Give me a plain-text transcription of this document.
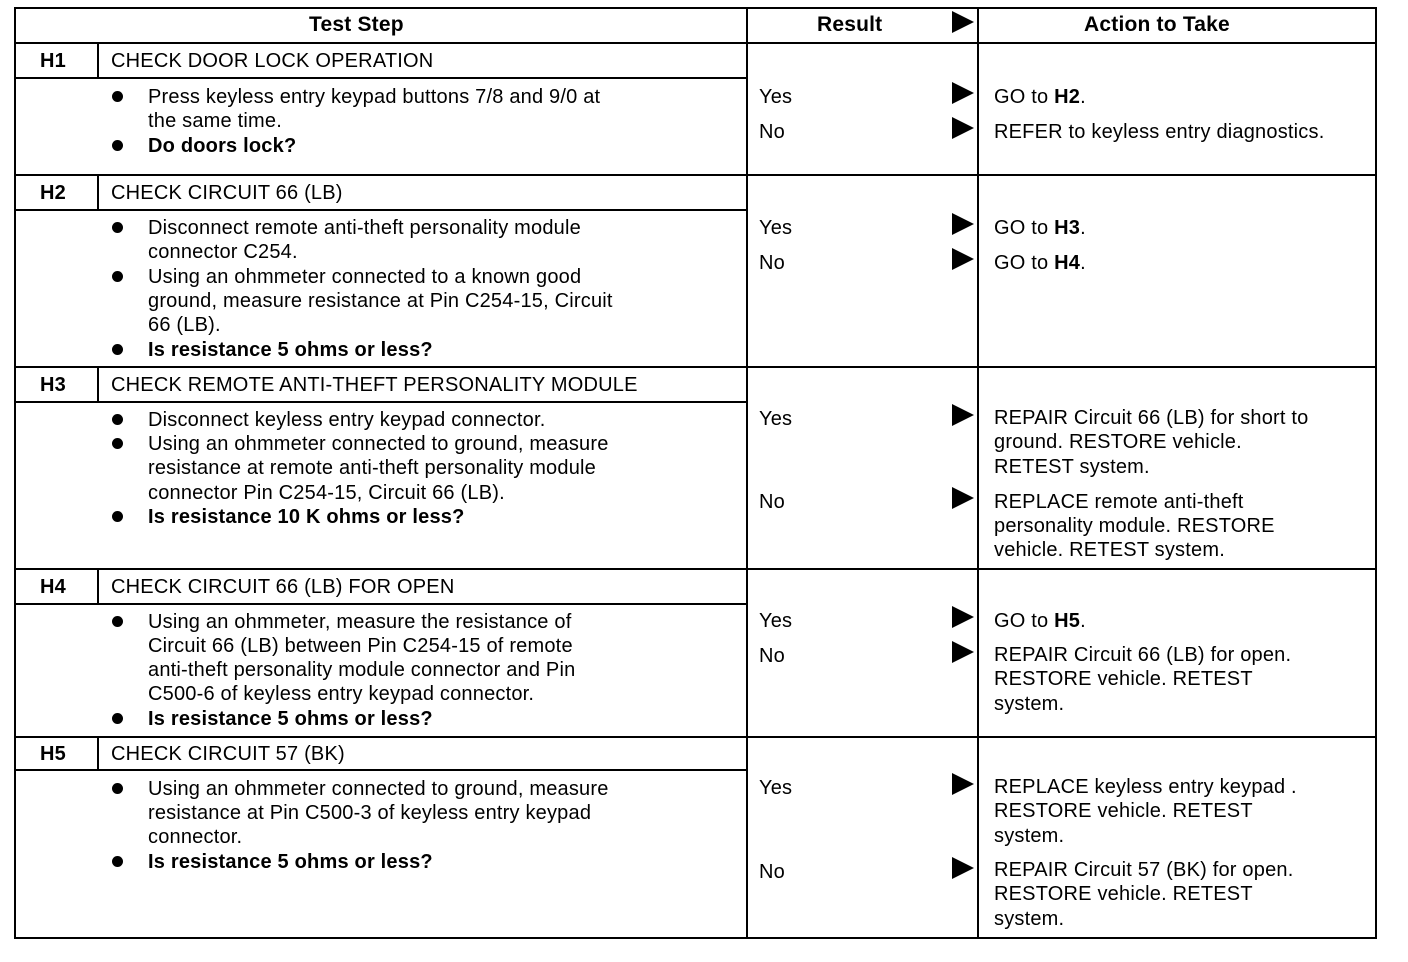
Test Step	Result	Action to Take
H1 CHECK DOOR LOCK OPERATION
Press keyless entry keypad buttons 7/8 and 9/0 at
the same time.
Do doors lock?
Yes
No
GO to H2.
REFER to keyless entry diagnostics.
H2 CHECK CIRCUIT 66 (LB)
Disconnect remote anti-theft personality module
connector C254.
Using an ohmmeter connected to a known good
ground, measure resistance at Pin C254-15, Circuit
66 (LB).
Is resistance 5 ohms or less?
Yes
No
GO to H3.
GO to H4.
H3 CHECK REMOTE ANTI-THEFT PERSONALITY MODULE
Disconnect keyless entry keypad connector.
Using an ohmmeter connected to ground, measure
resistance at remote anti-theft personality module
connector Pin C254-15, Circuit 66 (LB).
Is resistance 10 K ohms or less?
Yes
No
REPAIR Circuit 66 (LB) for short to
ground. RESTORE vehicle.
RETEST system.
REPLACE remote anti-theft
personality module. RESTORE
vehicle. RETEST system.
H4 CHECK CIRCUIT 66 (LB) FOR OPEN
Using an ohmmeter, measure the resistance of
Circuit 66 (LB) between Pin C254-15 of remote
anti-theft personality module connector and Pin
C500-6 of keyless entry keypad connector.
Is resistance 5 ohms or less?
Yes
No
GO to H5.
REPAIR Circuit 66 (LB) for open.
RESTORE vehicle. RETEST
system.
H5 CHECK CIRCUIT 57 (BK)
Using an ohmmeter connected to ground, measure
resistance at Pin C500-3 of keyless entry keypad
connector.
Is resistance 5 ohms or less?
Yes
No
REPLACE keyless entry keypad .
RESTORE vehicle. RETEST
system.
REPAIR Circuit 57 (BK) for open.
RESTORE vehicle. RETEST
system.
